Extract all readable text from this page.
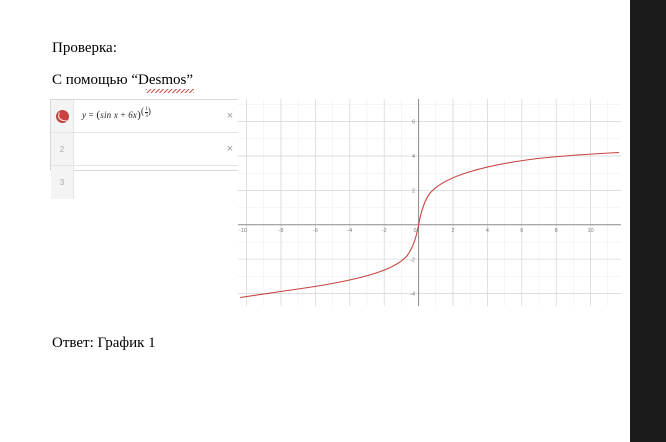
Проверка:
С помощью “Desmos”
y = (sin $x + 6x)( \frac{1}{3}$ )	×
2	×
3
-10	-8	-6	-4	-2	0	2	4	6	8	10
6
4
2
-2
-4
Ответ: График 1
